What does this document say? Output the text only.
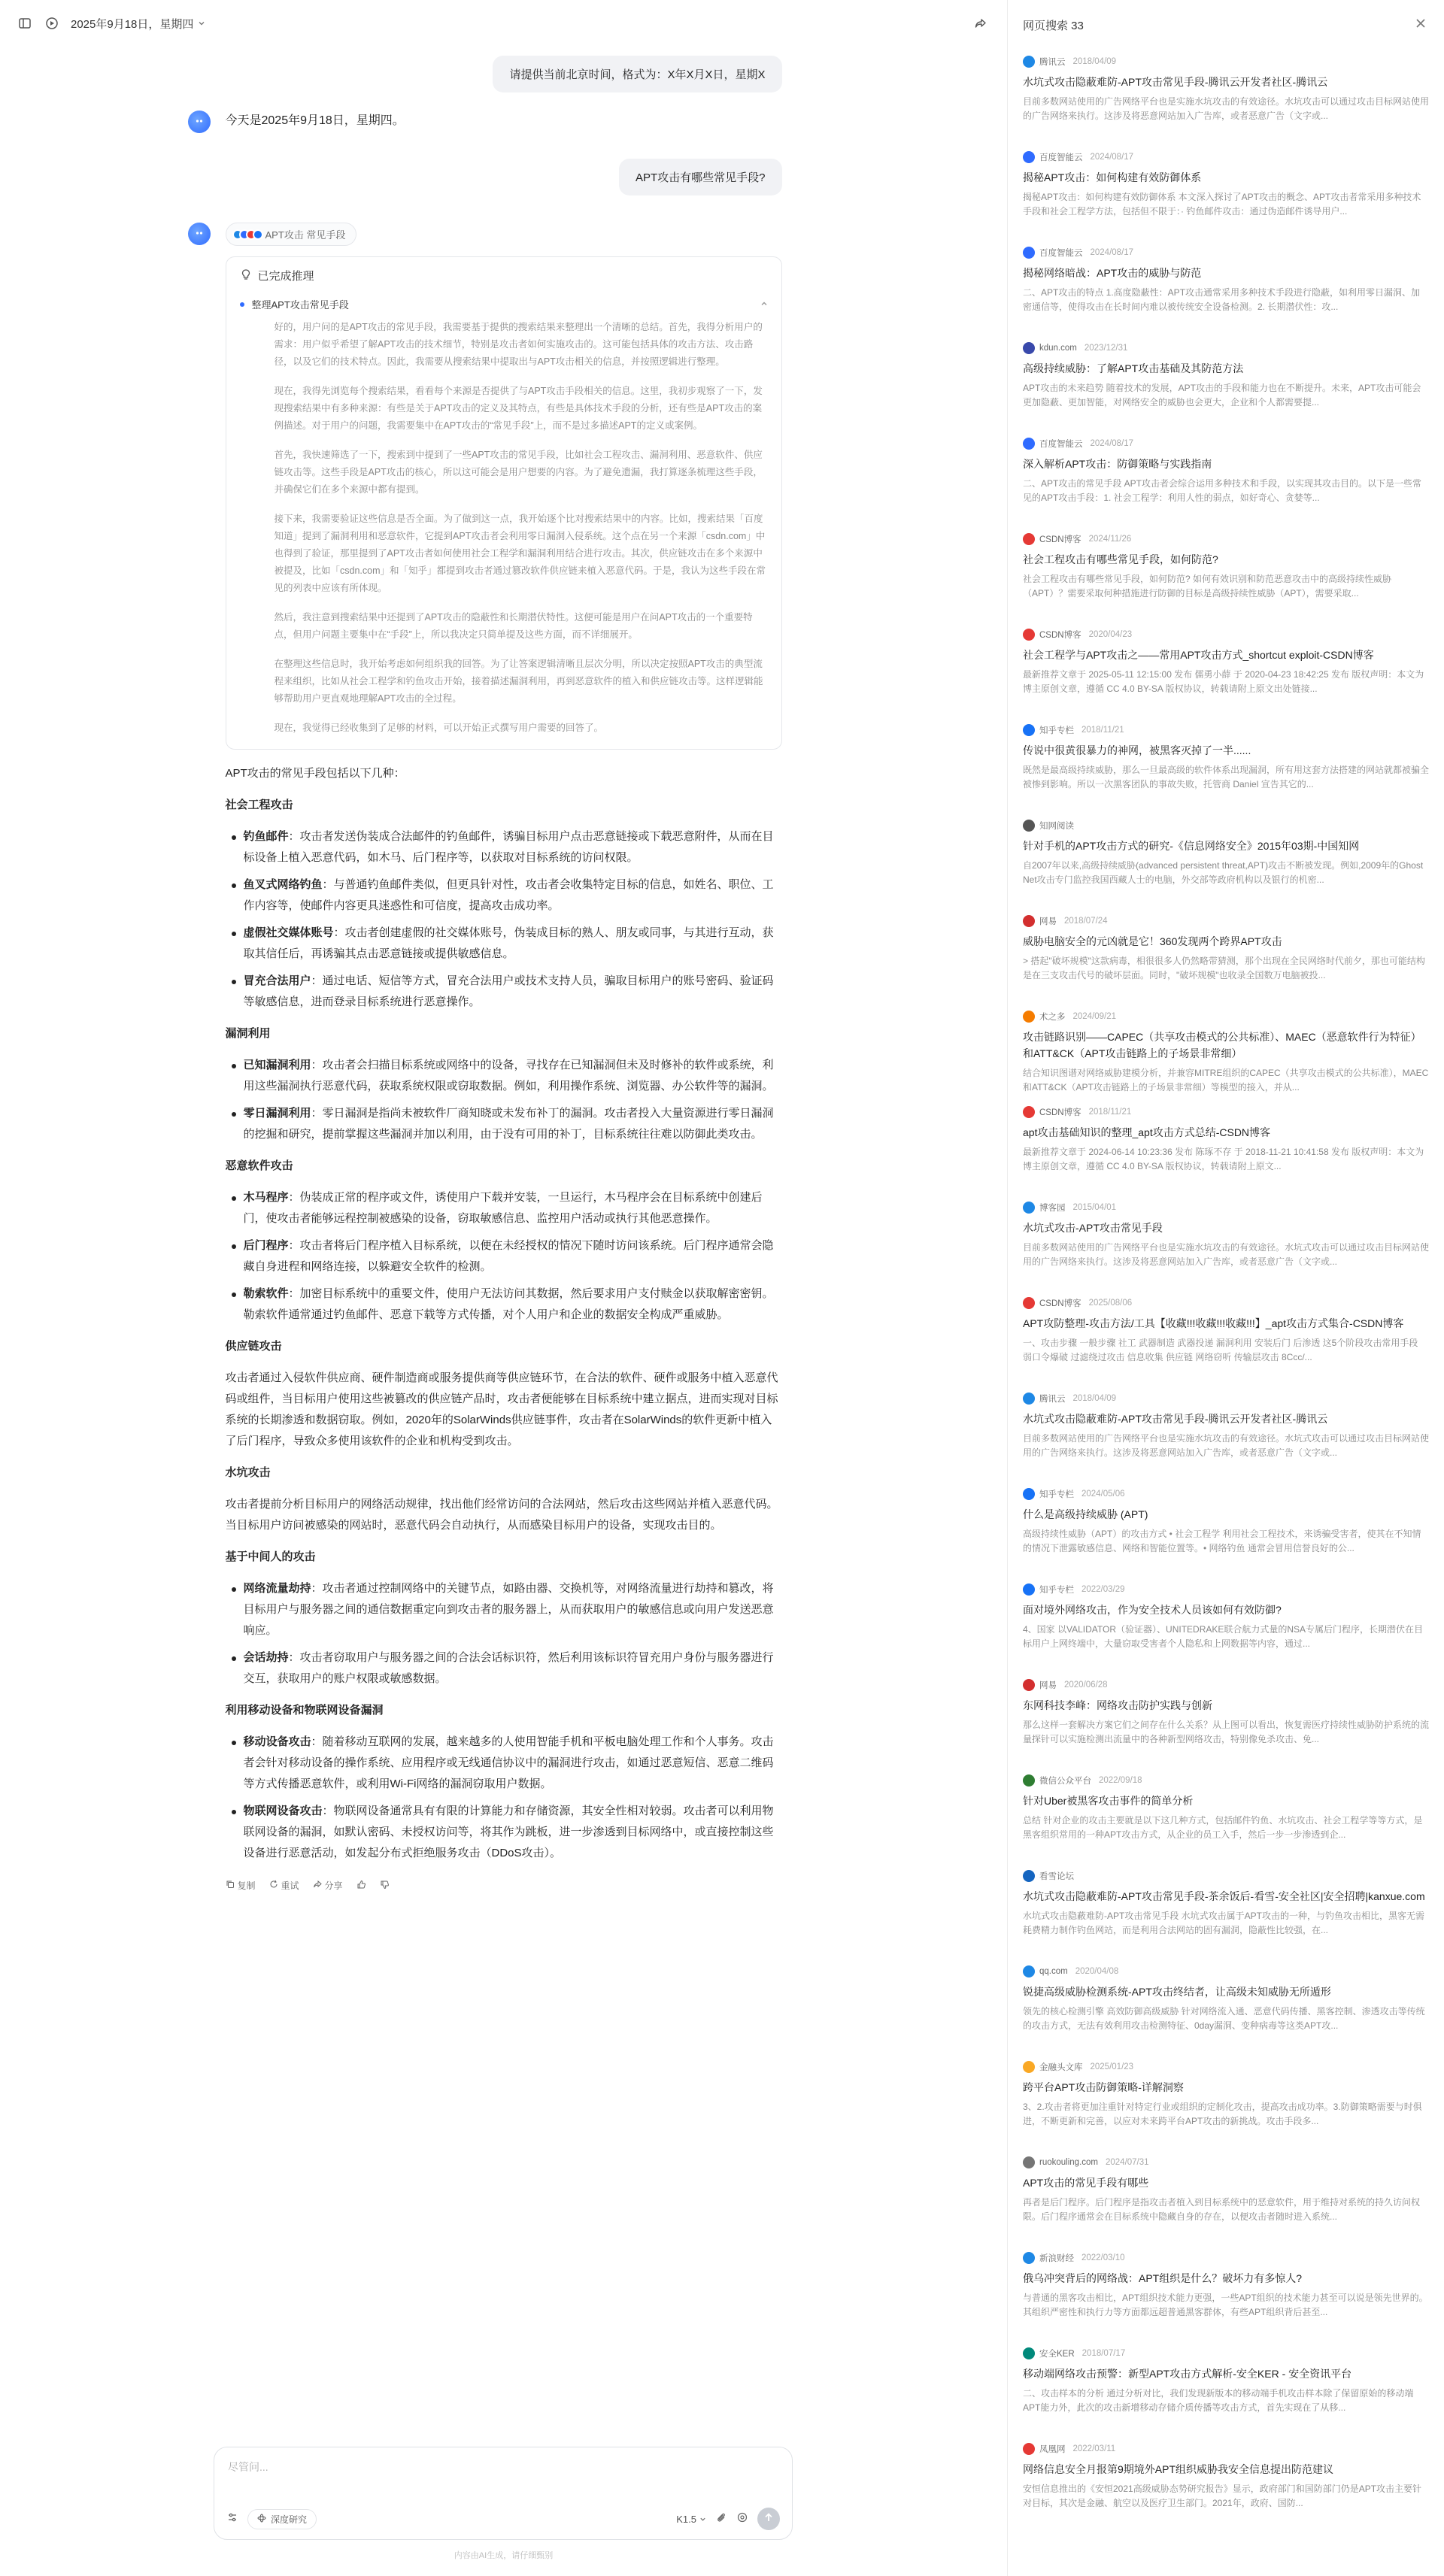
2025年9月18日，星期四
请提供当前北京时间，格式为：X年X月X日，星期X
今天是2025年9月18日，星期四。
APT攻击有哪些常见手段?
APT攻击 常见手段
已完成推理
整理APT攻击常见手段

好的，用户问的是APT攻击的常见手段，我需要基于提供的搜索结果来整理出一个清晰的总结。首先，我得分析用户的需求：用户似乎希望了解APT攻击的技术细节，特别是攻击者如何实施攻击的。这可能包括具体的攻击方法、攻击路径，以及它们的技术特点。因此，我需要从搜索结果中提取出与APT攻击相关的信息，并按照逻辑进行整理。

现在，我得先浏览每个搜索结果，看看每个来源是否提供了与APT攻击手段相关的信息。这里，我初步观察了一下，发现搜索结果中有多种来源：有些是关于APT攻击的定义及其特点，有些是具体技术手段的分析，还有些是APT攻击的案例描述。对于用户的问题，我需要集中在APT攻击的“常见手段”上，而不是过多描述APT的定义或案例。

首先，我快速筛选了一下，搜索到中提到了一些APT攻击的常见手段，比如社会工程攻击、漏洞利用、恶意软件、供应链攻击等。这些手段是APT攻击的核心，所以这可能会是用户想要的内容。为了避免遗漏，我打算逐条梳理这些手段，并确保它们在多个来源中都有提到。

接下来，我需要验证这些信息是否全面。为了做到这一点，我开始逐个比对搜索结果中的内容。比如，搜索结果「百度知道」提到了漏洞利用和恶意软件，它提到APT攻击者会利用零日漏洞入侵系统。这个点在另一个来源「csdn.com」中也得到了验证，那里提到了APT攻击者如何使用社会工程学和漏洞利用结合进行攻击。其次，供应链攻击在多个来源中被提及，比如「csdn.com」和「知乎」都提到攻击者通过篡改软件供应链来植入恶意代码。于是，我认为这些手段在常见的列表中应该有所体现。

然后，我注意到搜索结果中还提到了APT攻击的隐蔽性和长期潜伏特性。这便可能是用户在问APT攻击的一个重要特点，但用户问题主要集中在“手段”上，所以我决定只简单提及这些方面，而不详细展开。

在整理这些信息时，我开始考虑如何组织我的回答。为了让答案逻辑清晰且层次分明，所以决定按照APT攻击的典型流程来组织，比如从社会工程学和钓鱼攻击开始，接着描述漏洞利用，再到恶意软件的植入和供应链攻击等。这样逻辑能够帮助用户更直观地理解APT攻击的全过程。

现在，我觉得已经收集到了足够的材料，可以开始正式撰写用户需要的回答了。

APT攻击的常见手段包括以下几种：

社会工程攻击
钓鱼邮件：攻击者发送伪装成合法邮件的钓鱼邮件，诱骗目标用户点击恶意链接或下载恶意附件，从而在目标设备上植入恶意代码，如木马、后门程序等，以获取对目标系统的访问权限。
鱼叉式网络钓鱼：与普通钓鱼邮件类似，但更具针对性，攻击者会收集特定目标的信息，如姓名、职位、工作内容等，使邮件内容更具迷惑性和可信度，提高攻击成功率。
虚假社交媒体账号：攻击者创建虚假的社交媒体账号，伪装成目标的熟人、朋友或同事，与其进行互动，获取其信任后，再诱骗其点击恶意链接或提供敏感信息。
冒充合法用户：通过电话、短信等方式，冒充合法用户或技术支持人员，骗取目标用户的账号密码、验证码等敏感信息，进而登录目标系统进行恶意操作。
漏洞利用
已知漏洞利用：攻击者会扫描目标系统或网络中的设备，寻找存在已知漏洞但未及时修补的软件或系统，利用这些漏洞执行恶意代码，获取系统权限或窃取数据。例如，利用操作系统、浏览器、办公软件等的漏洞。
零日漏洞利用：零日漏洞是指尚未被软件厂商知晓或未发布补丁的漏洞。攻击者投入大量资源进行零日漏洞的挖掘和研究，提前掌握这些漏洞并加以利用，由于没有可用的补丁，目标系统往往难以防御此类攻击。
恶意软件攻击
木马程序：伪装成正常的程序或文件，诱使用户下载并安装，一旦运行，木马程序会在目标系统中创建后门，使攻击者能够远程控制被感染的设备，窃取敏感信息、监控用户活动或执行其他恶意操作。
后门程序：攻击者将后门程序植入目标系统，以便在未经授权的情况下随时访问该系统。后门程序通常会隐藏自身进程和网络连接，以躲避安全软件的检测。
勒索软件：加密目标系统中的重要文件，使用户无法访问其数据，然后要求用户支付赎金以获取解密密钥。勒索软件通常通过钓鱼邮件、恶意下载等方式传播，对个人用户和企业的数据安全构成严重威胁。
供应链攻击

攻击者通过入侵软件供应商、硬件制造商或服务提供商等供应链环节，在合法的软件、硬件或服务中植入恶意代码或组件，当目标用户使用这些被篡改的供应链产品时，攻击者便能够在目标系统中建立据点，进而实现对目标系统的长期渗透和数据窃取。例如，2020年的SolarWinds供应链事件，攻击者在SolarWinds的软件更新中植入了后门程序，导致众多使用该软件的企业和机构受到攻击。

水坑攻击

攻击者提前分析目标用户的网络活动规律，找出他们经常访问的合法网站，然后攻击这些网站并植入恶意代码。当目标用户访问被感染的网站时，恶意代码会自动执行，从而感染目标用户的设备，实现攻击目的。

基于中间人的攻击
网络流量劫持：攻击者通过控制网络中的关键节点，如路由器、交换机等，对网络流量进行劫持和篡改，将目标用户与服务器之间的通信数据重定向到攻击者的服务器上，从而获取用户的敏感信息或向用户发送恶意响应。
会话劫持：攻击者窃取用户与服务器之间的合法会话标识符，然后利用该标识符冒充用户身份与服务器进行交互，获取用户的账户权限或敏感数据。
利用移动设备和物联网设备漏洞
移动设备攻击：随着移动互联网的发展，越来越多的人使用智能手机和平板电脑处理工作和个人事务。攻击者会针对移动设备的操作系统、应用程序或无线通信协议中的漏洞进行攻击，如通过恶意短信、恶意二维码等方式传播恶意软件，或利用Wi-Fi网络的漏洞窃取用户数据。
物联网设备攻击：物联网设备通常具有有限的计算能力和存储资源，其安全性相对较弱。攻击者可以利用物联网设备的漏洞，如默认密码、未授权访问等，将其作为跳板，进一步渗透到目标网络中，或直接控制这些设备进行恶意活动，如发起分布式拒绝服务攻击（DDoS攻击）。
复制	重试	分享
尽管问...
深度研究	K1.5
内容由AI生成，请仔细甄别
网页搜索 33
腾讯云 2018/04/09
水坑式攻击隐蔽难防-APT攻击常见手段-腾讯云开发者社区-腾讯云
目前多数网站使用的广告网络平台也是实施水坑攻击的有效途径。水坑攻击可以通过攻击目标网站使用的广告网络来执行。这涉及将恶意网站加入广告库，或者恶意广告（文字或...
百度智能云 2024/08/17
揭秘APT攻击：如何构建有效防御体系
揭秘APT攻击：如何构建有效防御体系 本文深入探讨了APT攻击的概念、APT攻击者常采用多种技术手段和社会工程学方法，包括但不限于：· 钓鱼邮件攻击：通过伪造邮件诱导用户...
百度智能云 2024/08/17
揭秘网络暗战：APT攻击的威胁与防范
二、APT攻击的特点 1.高度隐蔽性：APT攻击通常采用多种技术手段进行隐蔽，如利用零日漏洞、加密通信等，使得攻击在长时间内难以被传统安全设备检测。2. 长期潜伏性：攻...
kdun.com 2023/12/31
高级持续威胁：了解APT攻击基础及其防范方法
APT攻击的未来趋势 随着技术的发展，APT攻击的手段和能力也在不断提升。未来，APT攻击可能会更加隐蔽、更加智能，对网络安全的威胁也会更大，企业和个人都需要提...
百度智能云 2024/08/17
深入解析APT攻击：防御策略与实践指南
二、APT攻击的常见手段 APT攻击者会综合运用多种技术和手段，以实现其攻击目的。以下是一些常见的APT攻击手段：1. 社会工程学：利用人性的弱点，如好奇心、贪婪等...
CSDN博客 2024/11/26
社会工程攻击有哪些常见手段，如何防范?
社会工程攻击有哪些常见手段，如何防范? 如何有效识别和防范恶意攻击中的高级持续性威胁（APT）？需要采取何种措施进行防御的目标是高级持续性威胁（APT），需要采取...
CSDN博客 2020/04/23
社会工程学与APT攻击之——常用APT攻击方式_shortcut exploit-CSDN博客
最新推荐文章于 2025-05-11 12:15:00 发布 儒勇小薛 于 2020-04-23 18:42:25 发布 版权声明：本文为博主原创文章，遵循 CC 4.0 BY-SA 版权协议，转载请附上原文出处链接...
知乎专栏 2018/11/21
传说中很黄很暴力的神网，被黑客灭掉了一半......
既然是最高级持续威胁，那么一旦最高级的软件体系出现漏洞，所有用这套方法搭建的网站就都被骗全被惨到影响。所以一次黑客团队的事故失败，托管商 Daniel 宣告其它的...
知网阅读
针对手机的APT攻击方式的研究-《信息网络安全》2015年03期-中国知网
自2007年以来,高级持续威胁(advanced persistent threat,APT)攻击不断被发现。例如,2009年的Ghost Net攻击专门监控我国西藏人士的电脑，外交部等政府机构以及银行的机密...
网易 2018/07/24
威胁电脑安全的元凶就是它！360发现两个跨界APT攻击
> 搭起"破坏规模"这款病毒，相很很多人仍然略带猜测，那个出现在全民网络时代前夕，那也可能结构是在三支攻击代号的破坏层面。同时，"破坏规模"也收录全国数万电脑被投...
术之多 2024/09/21
攻击链路识别——CAPEC（共享攻击模式的公共标准）、MAEC（恶意软件行为特征）和ATT&CK（APT攻击链路上的子场景非常细）
结合知识图谱对网络威胁建模分析，并兼容MITRE组织的CAPEC（共享攻击模式的公共标准），MAEC和ATT&CK（APT攻击链路上的子场景非常细）等模型的接入，并从...
CSDN博客 2018/11/21
apt攻击基础知识的整理_apt攻击方式总结-CSDN博客
最新推荐文章于 2024-06-14 10:23:36 发布 陈琢不存 于 2018-11-21 10:41:58 发布 版权声明：本文为博主原创文章，遵循 CC 4.0 BY-SA 版权协议，转载请附上原文...
博客园 2015/04/01
水坑式攻击-APT攻击常见手段
目前多数网站使用的广告网络平台也是实施水坑攻击的有效途径。水坑式攻击可以通过攻击目标网站使用的广告网络来执行。这涉及将恶意网站加入广告库，或者恶意广告（文字或...
CSDN博客 2025/08/06
APT攻防整理-攻击方法/工具【收藏!!!收藏!!!收藏!!!】_apt攻击方式集合-CSDN博客
一、攻击步骤 一般步骤 社工 武器制造 武器投递 漏洞利用 安装后门 后渗透 这5个阶段攻击常用手段 弱口令爆破 过滤绕过攻击 信息收集 供应链 网络窃听 传输层攻击 8Ccc/...
腾讯云 2018/04/09
水坑式攻击隐蔽难防-APT攻击常见手段-腾讯云开发者社区-腾讯云
目前多数网站使用的广告网络平台也是实施水坑攻击的有效途径。水坑式攻击可以通过攻击目标网站使用的广告网络来执行。这涉及将恶意网站加入广告库，或者恶意广告（文字或...
知乎专栏 2024/05/06
什么是高级持续威胁 (APT)
高级持续性威胁（APT）的攻击方式 • 社会工程学 利用社会工程技术，来诱骗受害者，使其在不知情的情况下泄露敏感信息、网络和智能位置等。• 网络钓鱼 通常会冒用信誉良好的公...
知乎专栏 2022/03/29
面对境外网络攻击，作为安全技术人员该如何有效防御?
4、国家 以VALIDATOR（验证器）、UNITEDRAKE联合航力式量的NSA专属后门程序，长期潜伏在目标用户上网终端中，大量窃取受害者个人隐私和上网数据等内容，通过...
网易 2020/06/28
东网科技李峰：网络攻击防护实践与创新
那么这样一套解决方案它们之间存在什么关系？从上图可以看出，恢复需医疗持续性威胁防护系统的流量探针可以实施检测出流量中的各种新型网络攻击，特别像免杀攻击、免...
微信公众平台 2022/09/18
针对Uber被黑客攻击事件的简单分析
总结 针对企业的攻击主要就是以下这几种方式，包括邮件钓鱼、水坑攻击、社会工程学等等方式，是黑客组织常用的一种APT攻击方式，从企业的员工入手，然后一步一步渗透到企...
看雪论坛
水坑式攻击隐蔽难防-APT攻击常见手段-茶余饭后-看雪-安全社区|安全招聘|kanxue.com
水坑式攻击隐蔽难防-APT攻击常见手段 水坑式攻击属于APT攻击的一种，与钓鱼攻击相比，黑客无需耗费精力制作钓鱼网站，而是利用合法网站的固有漏洞，隐蔽性比较强，在...
qq.com 2020/04/08
锐捷高级威胁检测系统-APT攻击终结者，让高级未知威胁无所遁形
领先的核心检测引擎 高效防御高级威胁 针对网络流入通、恶意代码传播、黑客控制、渗透攻击等传统的攻击方式，无法有效利用攻击检测特征、0day漏洞、变种病毒等这类APT攻...
金融头文库 2025/01/23
跨平台APT攻击防御策略-详解洞察
3、2.攻击者将更加注重针对特定行业或组织的定制化攻击，提高攻击成功率。3.防御策略需要与时俱进，不断更新和完善，以应对未来跨平台APT攻击的新挑战。攻击手段多...
ruokouling.com 2024/07/31
APT攻击的常见手段有哪些
再者是后门程序。后门程序是指攻击者植入到目标系统中的恶意软件，用于维持对系统的持久访问权限。后门程序通常会在目标系统中隐藏自身的存在，以便攻击者随时进入系统...
新浪财经 2022/03/10
俄乌冲突背后的网络战：APT组织是什么？破坏力有多惊人?
与普通的黑客攻击相比，APT组织技术能力更强，一些APT组织的技术能力甚至可以说是领先世界的。其组织严密性和执行力等方面都远超普通黑客群体，有些APT组织背后甚至...
安全KER 2018/07/17
移动端网络攻击预警：新型APT攻击方式解析-安全KER - 安全资讯平台
二、攻击样本的分析 通过分析对比，我们发现新版本的移动端手机攻击样本除了保留原始的移动端APT能力外，此次的攻击新增移动存储介质传播等攻击方式，首先实现在了从移...
凤凰网 2022/03/11
网络信息安全月报第9期境外APT组织威胁我安全信息提出防范建议
安恒信息推出的《安恒2021高级威胁态势研究报告》显示，政府部门和国防部门仍是APT攻击主要针对目标，其次是金融、航空以及医疗卫生部门。2021年，政府、国防...
